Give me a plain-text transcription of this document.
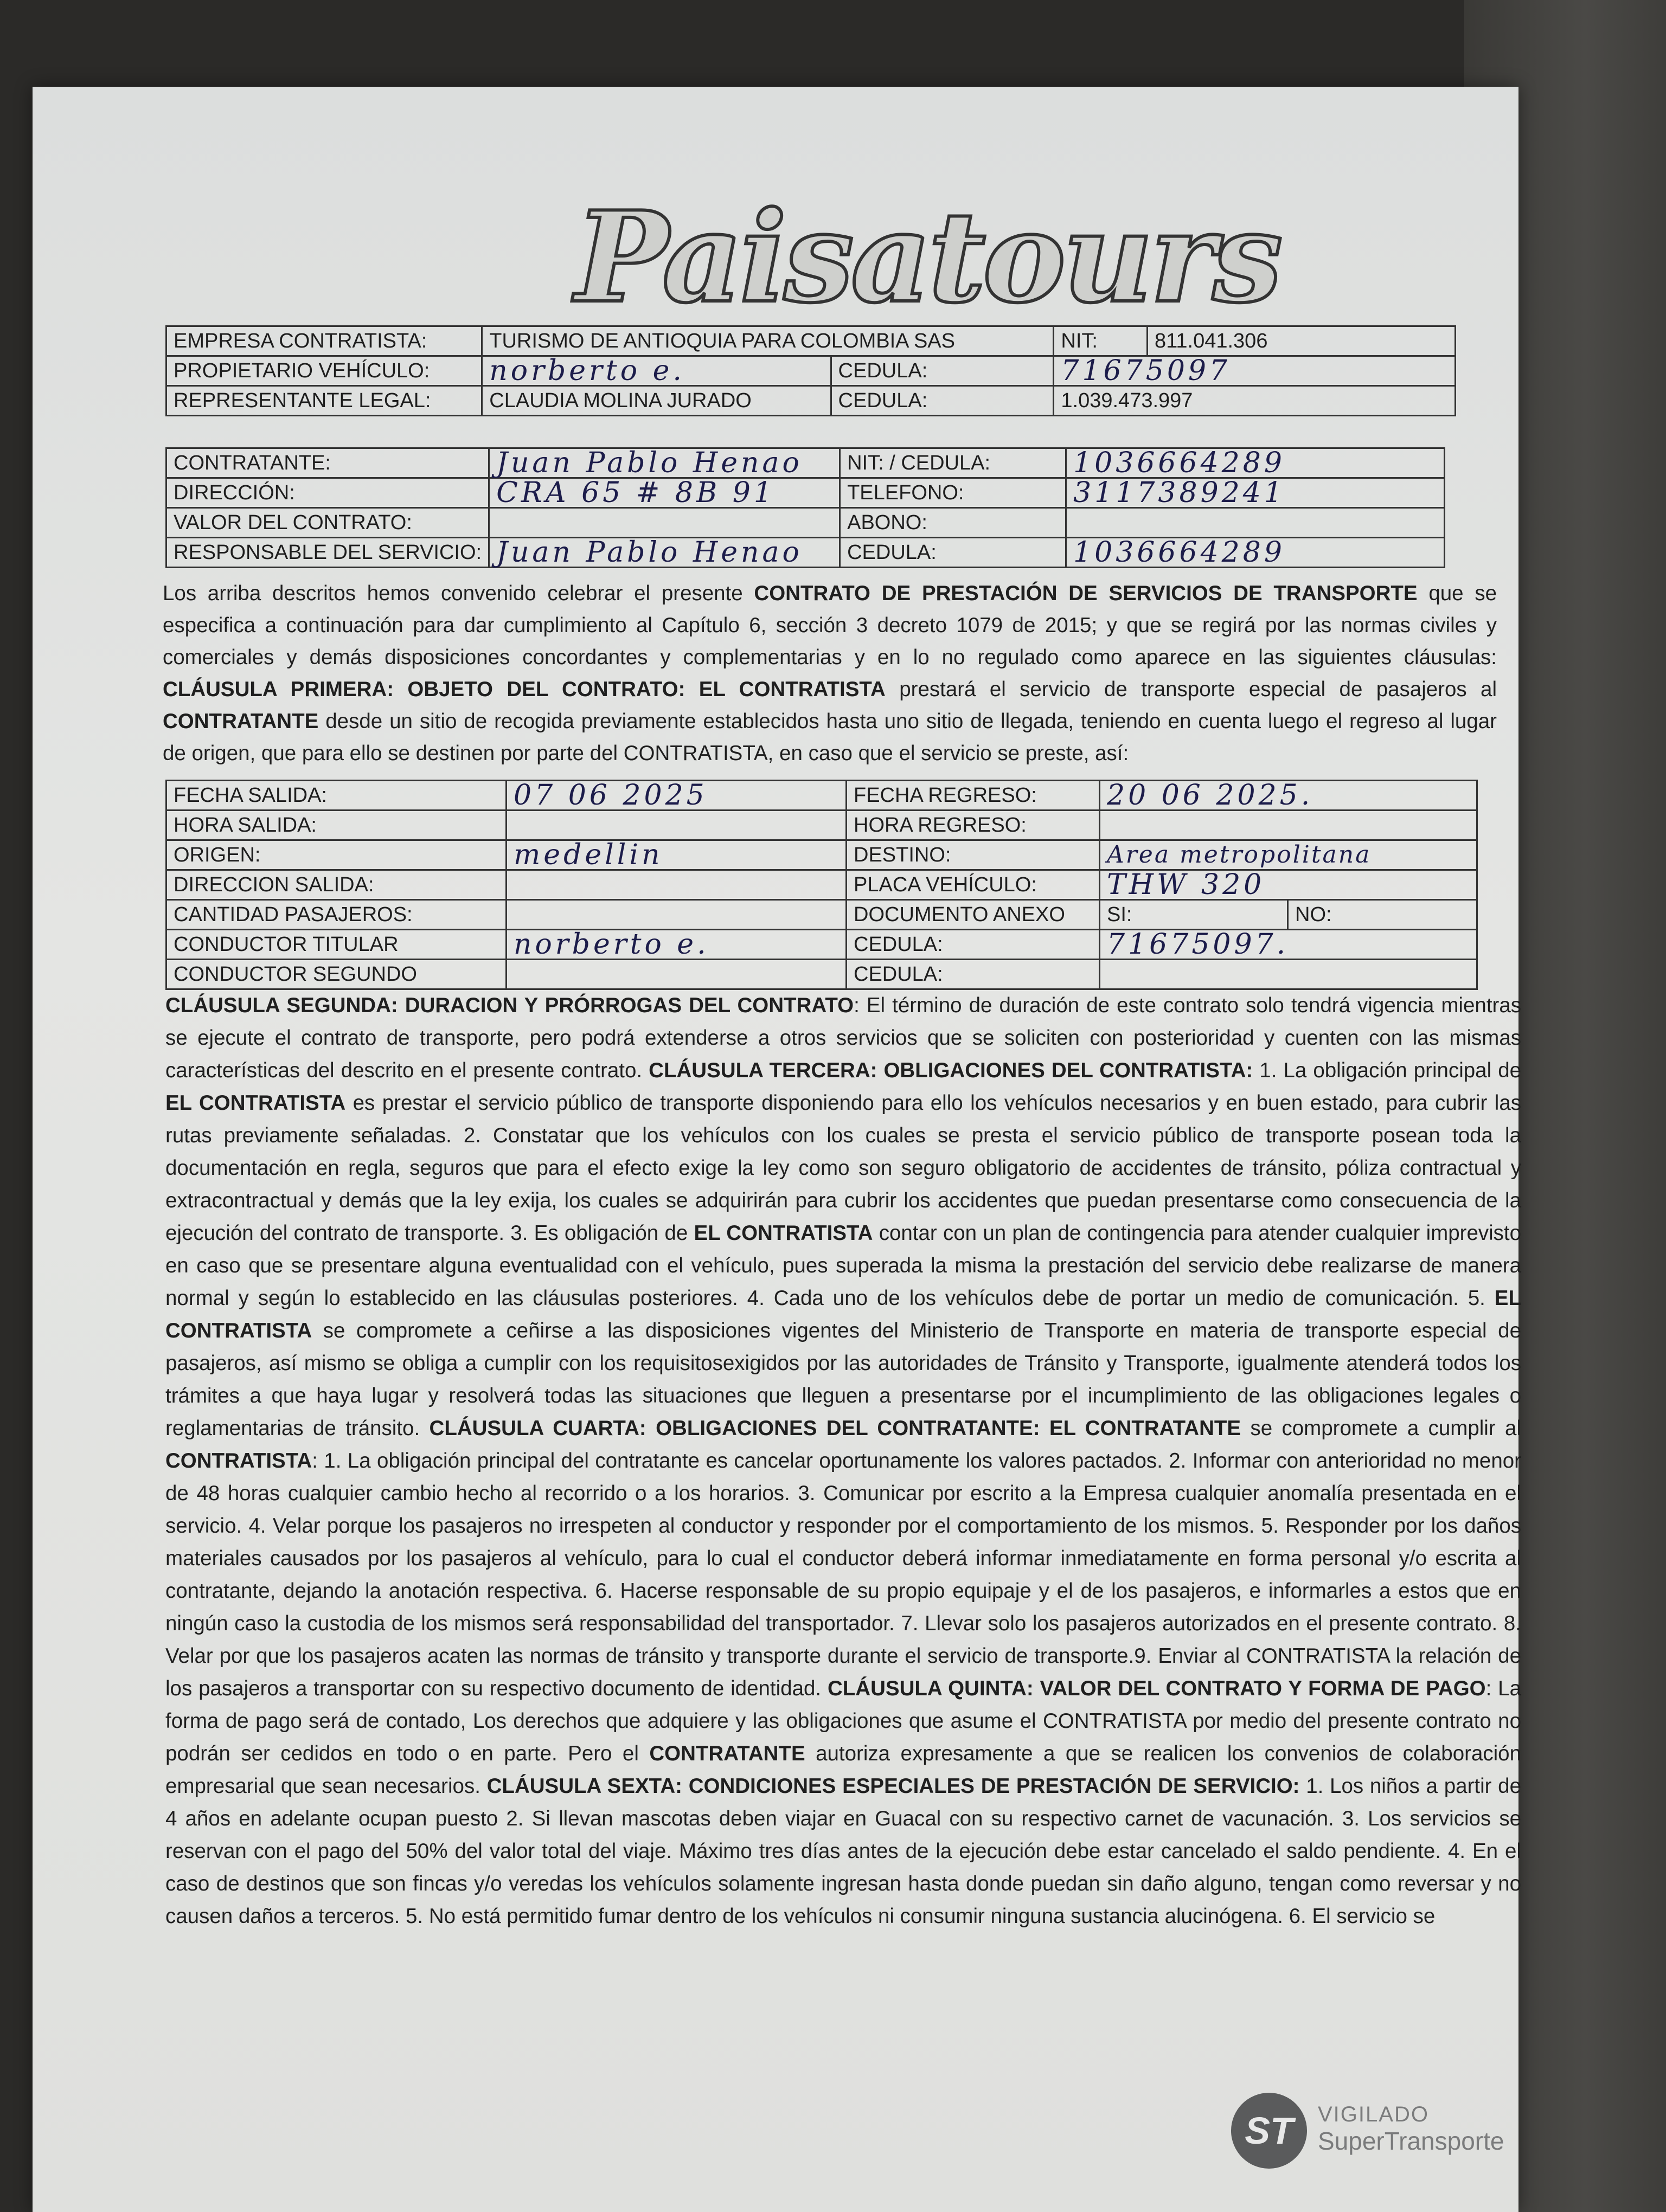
Paisatours
EMPRESA CONTRATISTA:	TURISMO DE ANTIOQUIA PARA COLOMBIA SAS		NIT:	811.041.306
PROPIETARIO VEHÍCULO:	norberto e.	CEDULA:	71675097	
REPRESENTANTE LEGAL:	CLAUDIA MOLINA JURADO	CEDULA:	1.039.473.997	
CONTRATANTE:	Juan Pablo Henao	NIT: / CEDULA:	1036664289
DIRECCIÓN:	CRA 65 # 8B 91	TELEFONO:	3117389241
VALOR DEL CONTRATO:		ABONO:	
RESPONSABLE DEL SERVICIO:	Juan Pablo Henao	CEDULA:	1036664289
Los arriba descritos hemos convenido celebrar el presente CONTRATO DE PRESTACIÓN DE SERVICIOS DE TRANSPORTE que se especifica a continuación para dar cumplimiento al Capítulo 6, sección 3 decreto 1079 de 2015; y que se regirá por las normas civiles y comerciales y demás disposiciones concordantes y complementarias y en lo no regulado como aparece en las siguientes cláusulas: CLÁUSULA PRIMERA: OBJETO DEL CONTRATO: EL CONTRATISTA prestará el servicio de transporte especial de pasajeros al CONTRATANTE desde un sitio de recogida previamente establecidos hasta uno sitio de llegada, teniendo en cuenta luego el regreso al lugar de origen, que para ello se destinen por parte del CONTRATISTA, en caso que el servicio se preste, así:
FECHA SALIDA:	07 06 2025	FECHA REGRESO:	20 06 2025.	
HORA SALIDA:		HORA REGRESO:		
ORIGEN:	medellin	DESTINO:	Area metropolitana	
DIRECCION SALIDA:		PLACA VEHÍCULO:	THW 320	
CANTIDAD PASAJEROS:		DOCUMENTO ANEXO	SI:	NO:
CONDUCTOR TITULAR	norberto e.	CEDULA:	71675097.	
CONDUCTOR SEGUNDO		CEDULA:		
CLÁUSULA SEGUNDA: DURACION Y PRÓRROGAS DEL CONTRATO: El término de duración de este contrato solo tendrá vigencia mientras se ejecute el contrato de transporte, pero podrá extenderse a otros servicios que se soliciten con posterioridad y cuenten con las mismas características del descrito en el presente contrato. CLÁUSULA TERCERA: OBLIGACIONES DEL CONTRATISTA: 1. La obligación principal de EL CONTRATISTA es prestar el servicio público de transporte disponiendo para ello los vehículos necesarios y en buen estado, para cubrir las rutas previamente señaladas. 2. Constatar que los vehículos con los cuales se presta el servicio público de transporte posean toda la documentación en regla, seguros que para el efecto exige la ley como son seguro obligatorio de accidentes de tránsito, póliza contractual y extracontractual y demás que la ley exija, los cuales se adquirirán para cubrir los accidentes que puedan presentarse como consecuencia de la ejecución del contrato de transporte. 3. Es obligación de EL CONTRATISTA contar con un plan de contingencia para atender cualquier imprevisto en caso que se presentare alguna eventualidad con el vehículo, pues superada la misma la prestación del servicio debe realizarse de manera normal y según lo establecido en las cláusulas posteriores. 4. Cada uno de los vehículos debe de portar un medio de comunicación. 5. EL CONTRATISTA se compromete a ceñirse a las disposiciones vigentes del Ministerio de Transporte en materia de transporte especial de pasajeros, así mismo se obliga a cumplir con los requisitosexigidos por las autoridades de Tránsito y Transporte, igualmente atenderá todos los trámites a que haya lugar y resolverá todas las situaciones que lleguen a presentarse por el incumplimiento de las obligaciones legales o reglamentarias de tránsito. CLÁUSULA CUARTA: OBLIGACIONES DEL CONTRATANTE: EL CONTRATANTE se compromete a cumplir al CONTRATISTA: 1. La obligación principal del contratante es cancelar oportunamente los valores pactados. 2. Informar con anterioridad no menor de 48 horas cualquier cambio hecho al recorrido o a los horarios. 3. Comunicar por escrito a la Empresa cualquier anomalía presentada en el servicio. 4. Velar porque los pasajeros no irrespeten al conductor y responder por el comportamiento de los mismos. 5. Responder por los daños materiales causados por los pasajeros al vehículo, para lo cual el conductor deberá informar inmediatamente en forma personal y/o escrita al contratante, dejando la anotación respectiva. 6. Hacerse responsable de su propio equipaje y el de los pasajeros, e informarles a estos que en ningún caso la custodia de los mismos será responsabilidad del transportador. 7. Llevar solo los pasajeros autorizados en el presente contrato. 8. Velar por que los pasajeros acaten las normas de tránsito y transporte durante el servicio de transporte.9. Enviar al CONTRATISTA la relación de los pasajeros a transportar con su respectivo documento de identidad. CLÁUSULA QUINTA: VALOR DEL CONTRATO Y FORMA DE PAGO: La forma de pago será de contado, Los derechos que adquiere y las obligaciones que asume el CONTRATISTA por medio del presente contrato no podrán ser cedidos en todo o en parte. Pero el CONTRATANTE autoriza expresamente a que se realicen los convenios de colaboración empresarial que sean necesarios. CLÁUSULA SEXTA: CONDICIONES ESPECIALES DE PRESTACIÓN DE SERVICIO: 1. Los niños a partir de 4 años en adelante ocupan puesto 2. Si llevan mascotas deben viajar en Guacal con su respectivo carnet de vacunación. 3. Los servicios se reservan con el pago del 50% del valor total del viaje. Máximo tres días antes de la ejecución debe estar cancelado el saldo pendiente. 4. En el caso de destinos que son fincas y/o veredas los vehículos solamente ingresan hasta donde puedan sin daño alguno, tengan como reversar y no causen daños a terceros. 5. No está permitido fumar dentro de los vehículos ni consumir ninguna sustancia alucinógena. 6. El servicio se
ST	VIGILADO
SuperTransporte
